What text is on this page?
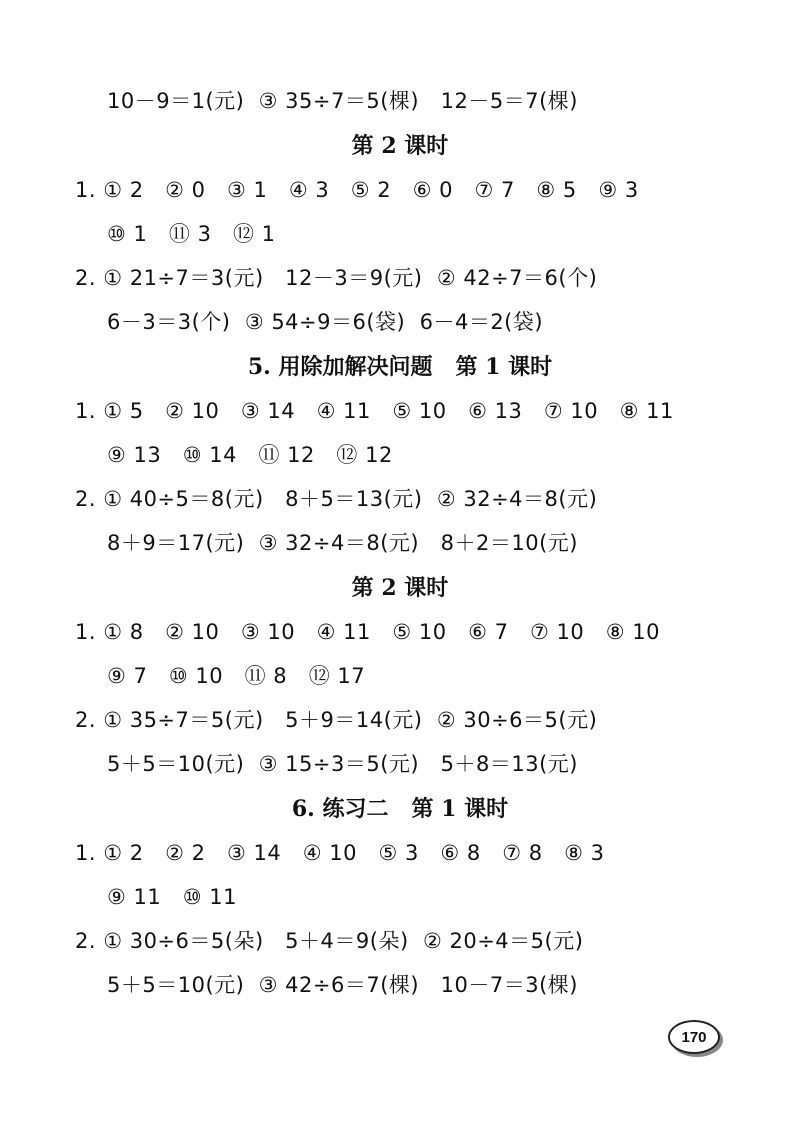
10－9＝1(元)  ③ 35÷7＝5(棵)   12－5＝7(棵)
第 2 课时
1. ① 2   ② 0   ③ 1   ④ 3   ⑤ 2   ⑥ 0   ⑦ 7   ⑧ 5   ⑨ 3
⑩ 1   ⑪ 3   ⑫ 1
2. ① 21÷7＝3(元)   12－3＝9(元)  ② 42÷7＝6(个)
6－3＝3(个)  ③ 54÷9＝6(袋)  6－4＝2(袋)
5. 用除加解决问题   第 1 课时
1. ① 5   ② 10   ③ 14   ④ 11   ⑤ 10   ⑥ 13   ⑦ 10   ⑧ 11
⑨ 13   ⑩ 14   ⑪ 12   ⑫ 12
2. ① 40÷5＝8(元)   8＋5＝13(元)  ② 32÷4＝8(元)
8＋9＝17(元)  ③ 32÷4＝8(元)   8＋2＝10(元)
第 2 课时
1. ① 8   ② 10   ③ 10   ④ 11   ⑤ 10   ⑥ 7   ⑦ 10   ⑧ 10
⑨ 7   ⑩ 10   ⑪ 8   ⑫ 17
2. ① 35÷7＝5(元)   5＋9＝14(元)  ② 30÷6＝5(元)
5＋5＝10(元)  ③ 15÷3＝5(元)   5＋8＝13(元)
6. 练习二   第 1 课时
1. ① 2   ② 2   ③ 14   ④ 10   ⑤ 3   ⑥ 8   ⑦ 8   ⑧ 3
⑨ 11   ⑩ 11
2. ① 30÷6＝5(朵)   5＋4＝9(朵)  ② 20÷4＝5(元)
5＋5＝10(元)  ③ 42÷6＝7(棵)   10－7＝3(棵)
170
